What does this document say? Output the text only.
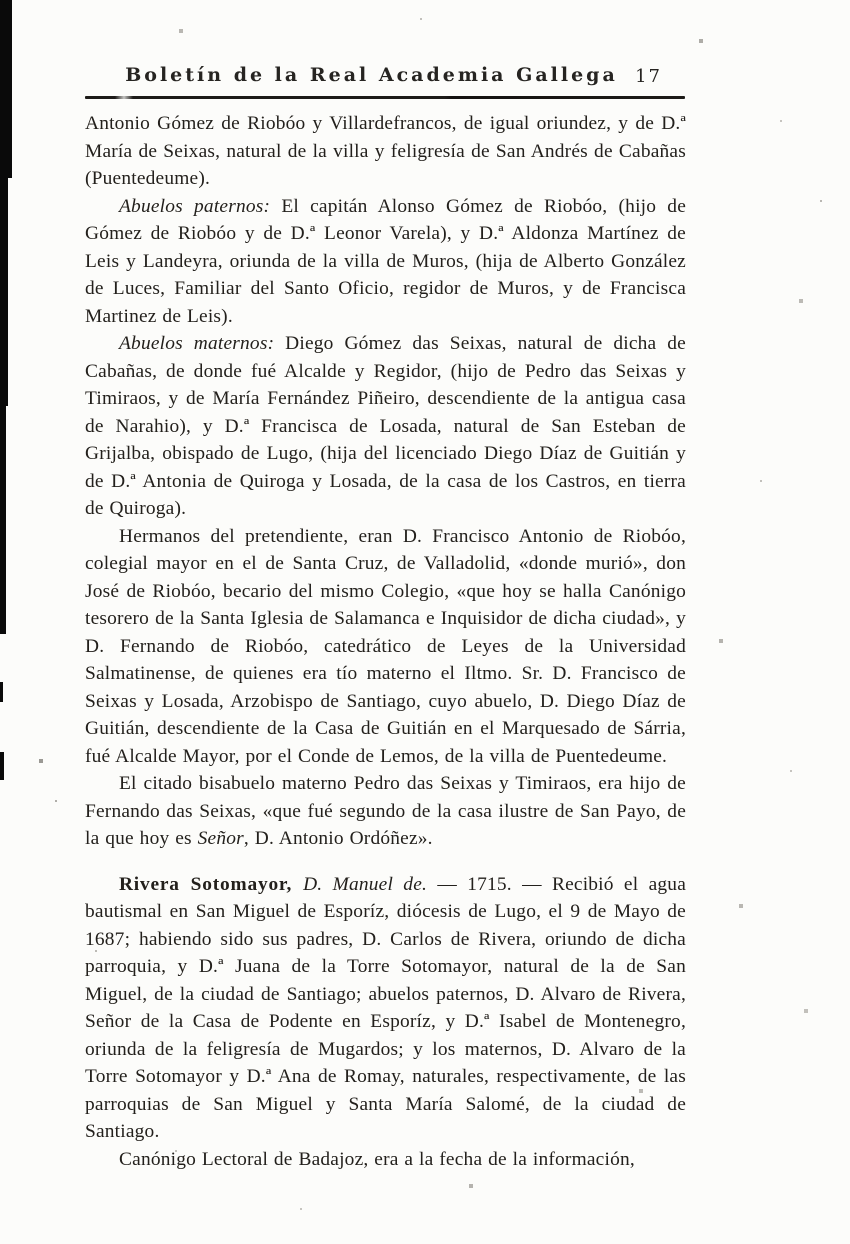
Boletín de la Real Academia Gallega 17

Antonio Gómez de Riobóo y Villardefrancos, de igual oriundez, y de D.ª María de Seixas, natural de la villa y feligresía de San Andrés de Cabañas (Puentedeume).

Abuelos paternos: El capitán Alonso Gómez de Riobóo, (hijo de Gómez de Riobóo y de D.ª Leonor Varela), y D.ª Aldonza Martínez de Leis y Landeyra, oriunda de la villa de Muros, (hija de Alberto González de Luces, Familiar del Santo Oficio, regidor de Muros, y de Francisca Martinez de Leis).

Abuelos maternos: Diego Gómez das Seixas, natural de dicha de Cabañas, de donde fué Alcalde y Regidor, (hijo de Pedro das Seixas y Timiraos, y de María Fernández Piñeiro, descendiente de la antigua casa de Narahio), y D.ª Francisca de Losada, natural de San Esteban de Grijalba, obispado de Lugo, (hija del licenciado Diego Díaz de Guitián y de D.ª Antonia de Quiroga y Losada, de la casa de los Castros, en tierra de Quiroga).

Hermanos del pretendiente, eran D. Francisco Antonio de Riobóo, colegial mayor en el de Santa Cruz, de Valladolid, «donde murió», don José de Riobóo, becario del mismo Colegio, «que hoy se halla Canónigo tesorero de la Santa Iglesia de Salamanca e Inquisidor de dicha ciudad», y D. Fernando de Riobóo, catedrático de Leyes de la Universidad Salmatinense, de quienes era tío materno el Iltmo. Sr. D. Francisco de Seixas y Losada, Arzobispo de Santiago, cuyo abuelo, D. Diego Díaz de Guitián, descendiente de la Casa de Guitián en el Marquesado de Sárria, fué Alcalde Mayor, por el Conde de Lemos, de la villa de Puentedeume.

El citado bisabuelo materno Pedro das Seixas y Timiraos, era hijo de Fernando das Seixas, «que fué segundo de la casa ilustre de San Payo, de la que hoy es Señor, D. Antonio Ordóñez».

Rivera Sotomayor, D. Manuel de. — 1715. — Recibió el agua bautismal en San Miguel de Esporíz, diócesis de Lugo, el 9 de Mayo de 1687; habiendo sido sus padres, D. Carlos de Rivera, oriundo de dicha parroquia, y D.ª Juana de la Torre Sotomayor, natural de la de San Miguel, de la ciudad de Santiago; abuelos paternos, D. Alvaro de Rivera, Señor de la Casa de Podente en Esporíz, y D.ª Isabel de Montenegro, oriunda de la feligresía de Mugardos; y los maternos, D. Alvaro de la Torre Sotomayor y D.ª Ana de Romay, naturales, respectivamente, de las parroquias de San Miguel y Santa María Salomé, de la ciudad de Santiago.

Canónigo Lectoral de Badajoz, era a la fecha de la información,
